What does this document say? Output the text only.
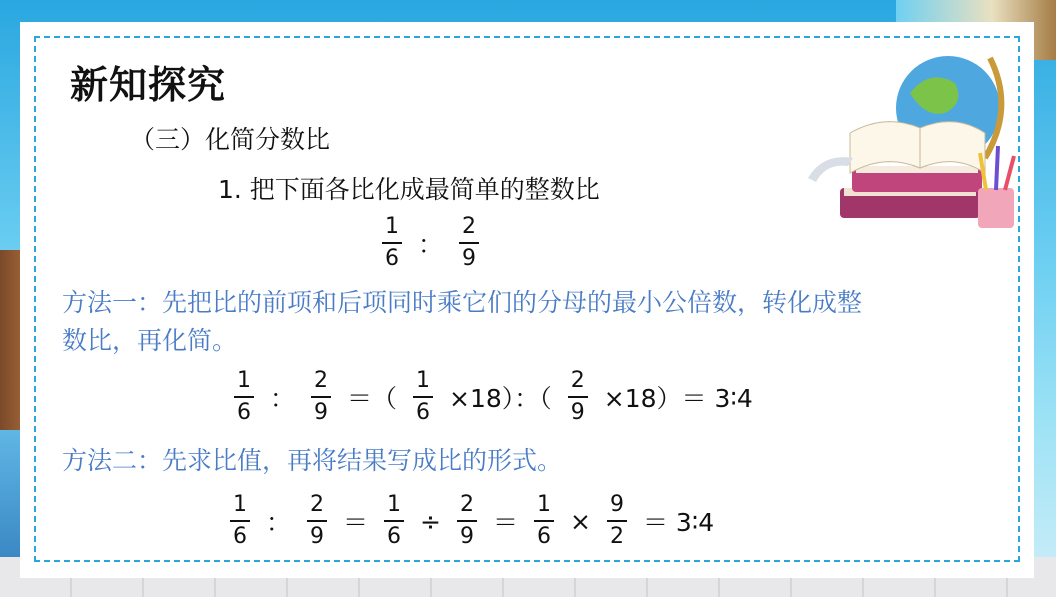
新知探究
（三）化简分数比
1. 把下面各比化成最简单的整数比
$\frac{1}{6}$ ： $\frac{2}{9}$
方法一：先把比的前项和后项同时乘它们的分母的最小公倍数，转化成整
数比，再化简。
$\frac{1}{6}$ ： $\frac{2}{9}$ ＝（ $\frac{1}{6} \times 18$）：（ $\frac{2}{9} \times 18)=$ 3∶4
方法二：先求比值，再将结果写成比的形式。
$\frac{1}{6}$ ： $\frac{2}{9} = \frac{1}{6} \div \frac{2}{9} = \frac{1}{6} \times \frac{9}{2}$ ＝ 3∶4
